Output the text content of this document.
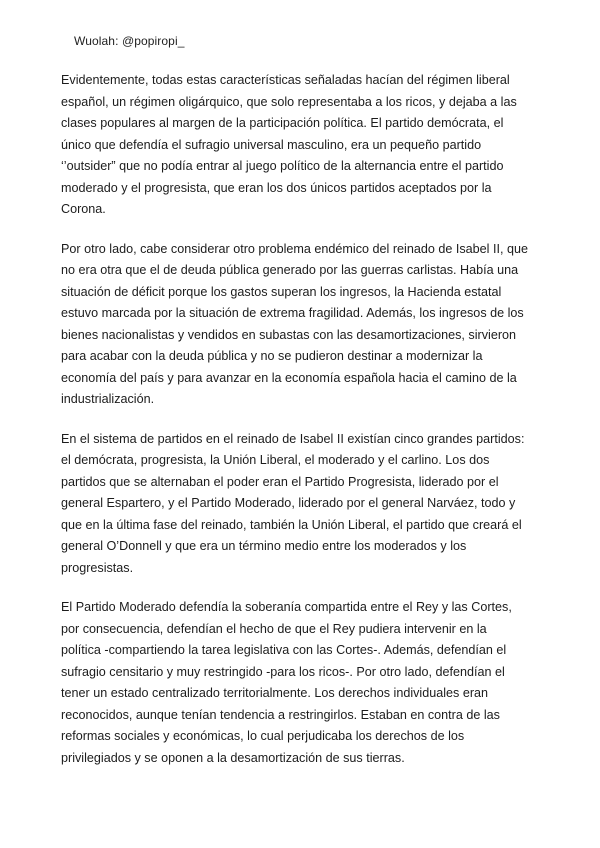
Wuolah: @popiropi_

Evidentemente, todas estas características señaladas hacían del régimen liberal español, un régimen oligárquico, que solo representaba a los ricos, y dejaba a las clases populares al margen de la participación política. El partido demócrata, el único que defendía el sufragio universal masculino, era un pequeño partido ‘’outsider” que no podía entrar al juego político de la alternancia entre el partido moderado y el progresista, que eran los dos únicos partidos aceptados por la Corona.

Por otro lado, cabe considerar otro problema endémico del reinado de Isabel II, que no era otra que el de deuda pública generado por las guerras carlistas. Había una situación de déficit porque los gastos superan los ingresos, la Hacienda estatal estuvo marcada por la situación de extrema fragilidad. Además, los ingresos de los bienes nacionalistas y vendidos en subastas con las desamortizaciones, sirvieron para acabar con la deuda pública y no se pudieron destinar a modernizar la economía del país y para avanzar en la economía española hacia el camino de la industrialización.

En el sistema de partidos en el reinado de Isabel II existían cinco grandes partidos: el demócrata, progresista, la Unión Liberal, el moderado y el carlino. Los dos partidos que se alternaban el poder eran el Partido Progresista, liderado por el general Espartero, y el Partido Moderado, liderado por el general Narváez, todo y que en la última fase del reinado, también la Unión Liberal, el partido que creará el general O’Donnell y que era un término medio entre los moderados y los progresistas.

El Partido Moderado defendía la soberanía compartida entre el Rey y las Cortes, por consecuencia, defendían el hecho de que el Rey pudiera intervenir en la política -compartiendo la tarea legislativa con las Cortes-. Además, defendían el sufragio censitario y muy restringido -para los ricos-. Por otro lado, defendían el tener un estado centralizado territorialmente. Los derechos individuales eran reconocidos, aunque tenían tendencia a restringirlos. Estaban en contra de las reformas sociales y económicas, lo cual perjudicaba los derechos de los privilegiados y se oponen a la desamortización de sus tierras.
